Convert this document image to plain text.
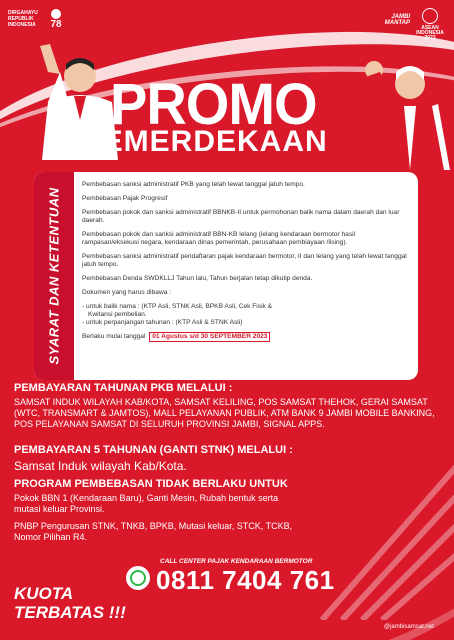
DIRGAHAYU
REPUBLIK
INDONESIA 78
JAMBI
MANTAP
ASEAN
INDONESIA
2023
PROMO
KEMERDEKAAN
SYARAT DAN KETENTUAN

Pembebasan sanksi administratif PKB yang telah lewat tanggal jatuh tempo.

Pembebasan Pajak Progresif

Pembebasan pokok dan sanksi administratif BBNKB-II untuk permohonan balik nama dalam daerah dan luar daerah.

Pembebasan pokok dan sanksi administratif BBN-KB lelang (lelang kendaraan bermotor hasil rampasan/eksekusi negara, kendaraan dinas pemerintah, perusahaan pembiayaan /lising).

Pembebasan sanksi administratif pendaftaran pajak kendaraan bermotor, II dan lelang yang telah lewat tanggal jatuh tempo.

Pembebasan Denda SWDKLLJ Tahun lalu, Tahun berjalan tetap dikutip denda.

Dokumen yang harus dibawa :

- untuk balik nama : (KTP Asli, STNK Asli, BPKB Asli, Cek Fisik &

Kwitansi pembelian.

- untuk perpanjangan tahunan : (KTP Asli & STNK Asli)

Berlaku mulai tanggal 01 Agustus s/d 30 SEPTEMBER 2023
PEMBAYARAN TAHUNAN PKB MELALUI :
SAMSAT INDUK WILAYAH KAB/KOTA, SAMSAT KELILING, POS SAMSAT THEHOK, GERAI SAMSAT (WTC, TRANSMART & JAMTOS), MALL PELAYANAN PUBLIK, ATM BANK 9 JAMBI MOBILE BANKING, POS PELAYANAN SAMSAT DI SELURUH PROVINSI JAMBI, SIGNAL APPS.
PEMBAYARAN 5 TAHUNAN (GANTI STNK) MELALUI :
Samsat Induk wilayah Kab/Kota.
PROGRAM PEMBEBASAN TIDAK BERLAKU UNTUK
Pokok BBN 1 (Kendaraan Baru), Ganti Mesin, Rubah bentuk serta mutasi keluar Provinsi.
PNBP Pengurusan STNK, TNKB, BPKB, Mutasi keluar, STCK, TCKB, Nomor Pilihan R4.
CALL CENTER PAJAK KENDARAAN BERMOTOR
0811 7404 761
KUOTA
TERBATAS !!!
@jambisamsat.net
